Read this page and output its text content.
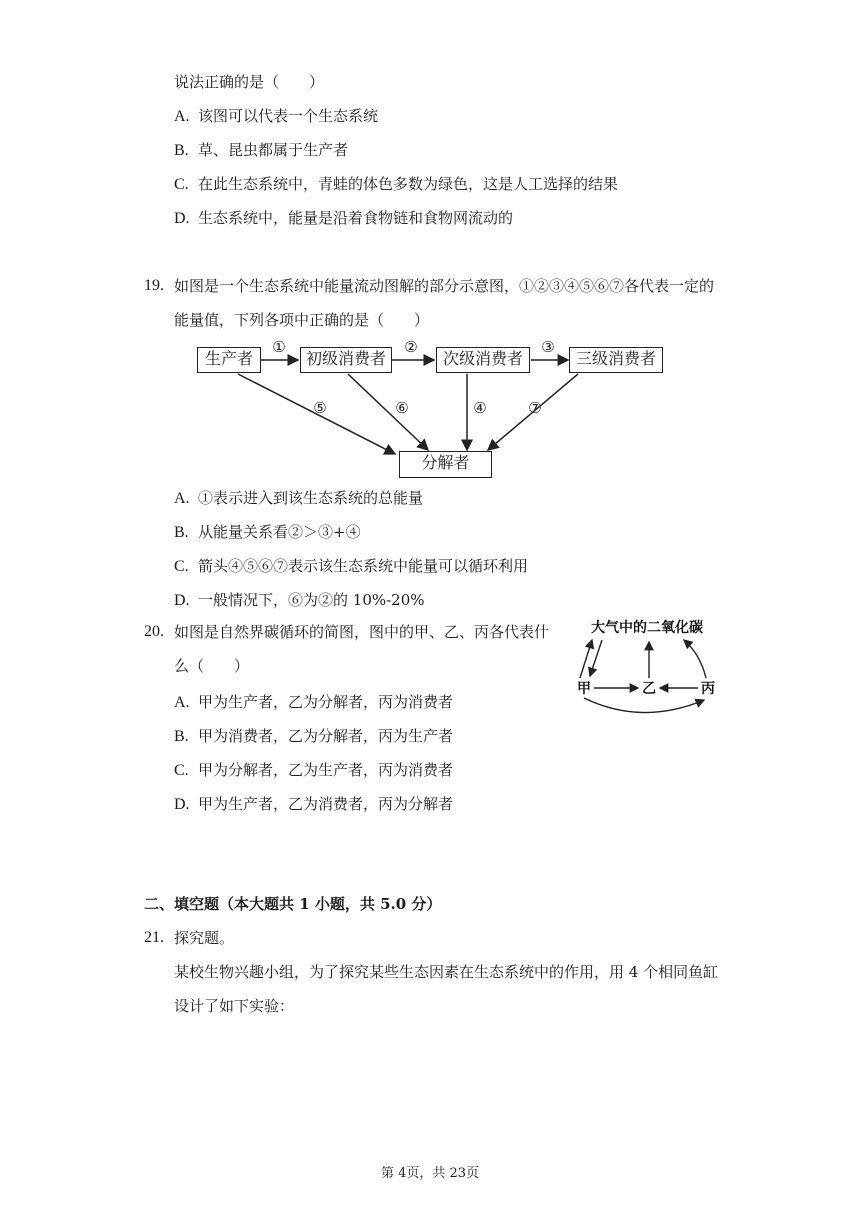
说法正确的是（　　）
A. 该图可以代表一个生态系统
B. 草、昆虫都属于生产者
C. 在此生态系统中，青蛙的体色多数为绿色，这是人工选择的结果
D. 生态系统中，能量是沿着食物链和食物网流动的
19. 如图是一个生态系统中能量流动图解的部分示意图，①②③④⑤⑥⑦各代表一定的
能量值，下列各项中正确的是（　　）
①	②	③
⑤	⑥	④	⑦
生产者	初级消费者	次级消费者	三级消费者
分解者
A. ①表示进入到该生态系统的总能量
B. 从能量关系看②＞③+④
C. 箭头④⑤⑥⑦表示该生态系统中能量可以循环利用
D. 一般情况下，⑥为②的 10%-20%
20. 如图是自然界碳循环的简图，图中的甲、乙、丙各代表什
么（　　）
大气中的二氧化碳
甲	乙	丙
A. 甲为生产者，乙为分解者，丙为消费者
B. 甲为消费者，乙为分解者，丙为生产者
C. 甲为分解者，乙为生产者，丙为消费者
D. 甲为生产者，乙为消费者，丙为分解者
二、填空题（本大题共 1 小题，共 5.0 分）
21. 探究题。
某校生物兴趣小组，为了探究某些生态因素在生态系统中的作用，用 4 个相同鱼缸
设计了如下实验：
第 4页，共 23页
